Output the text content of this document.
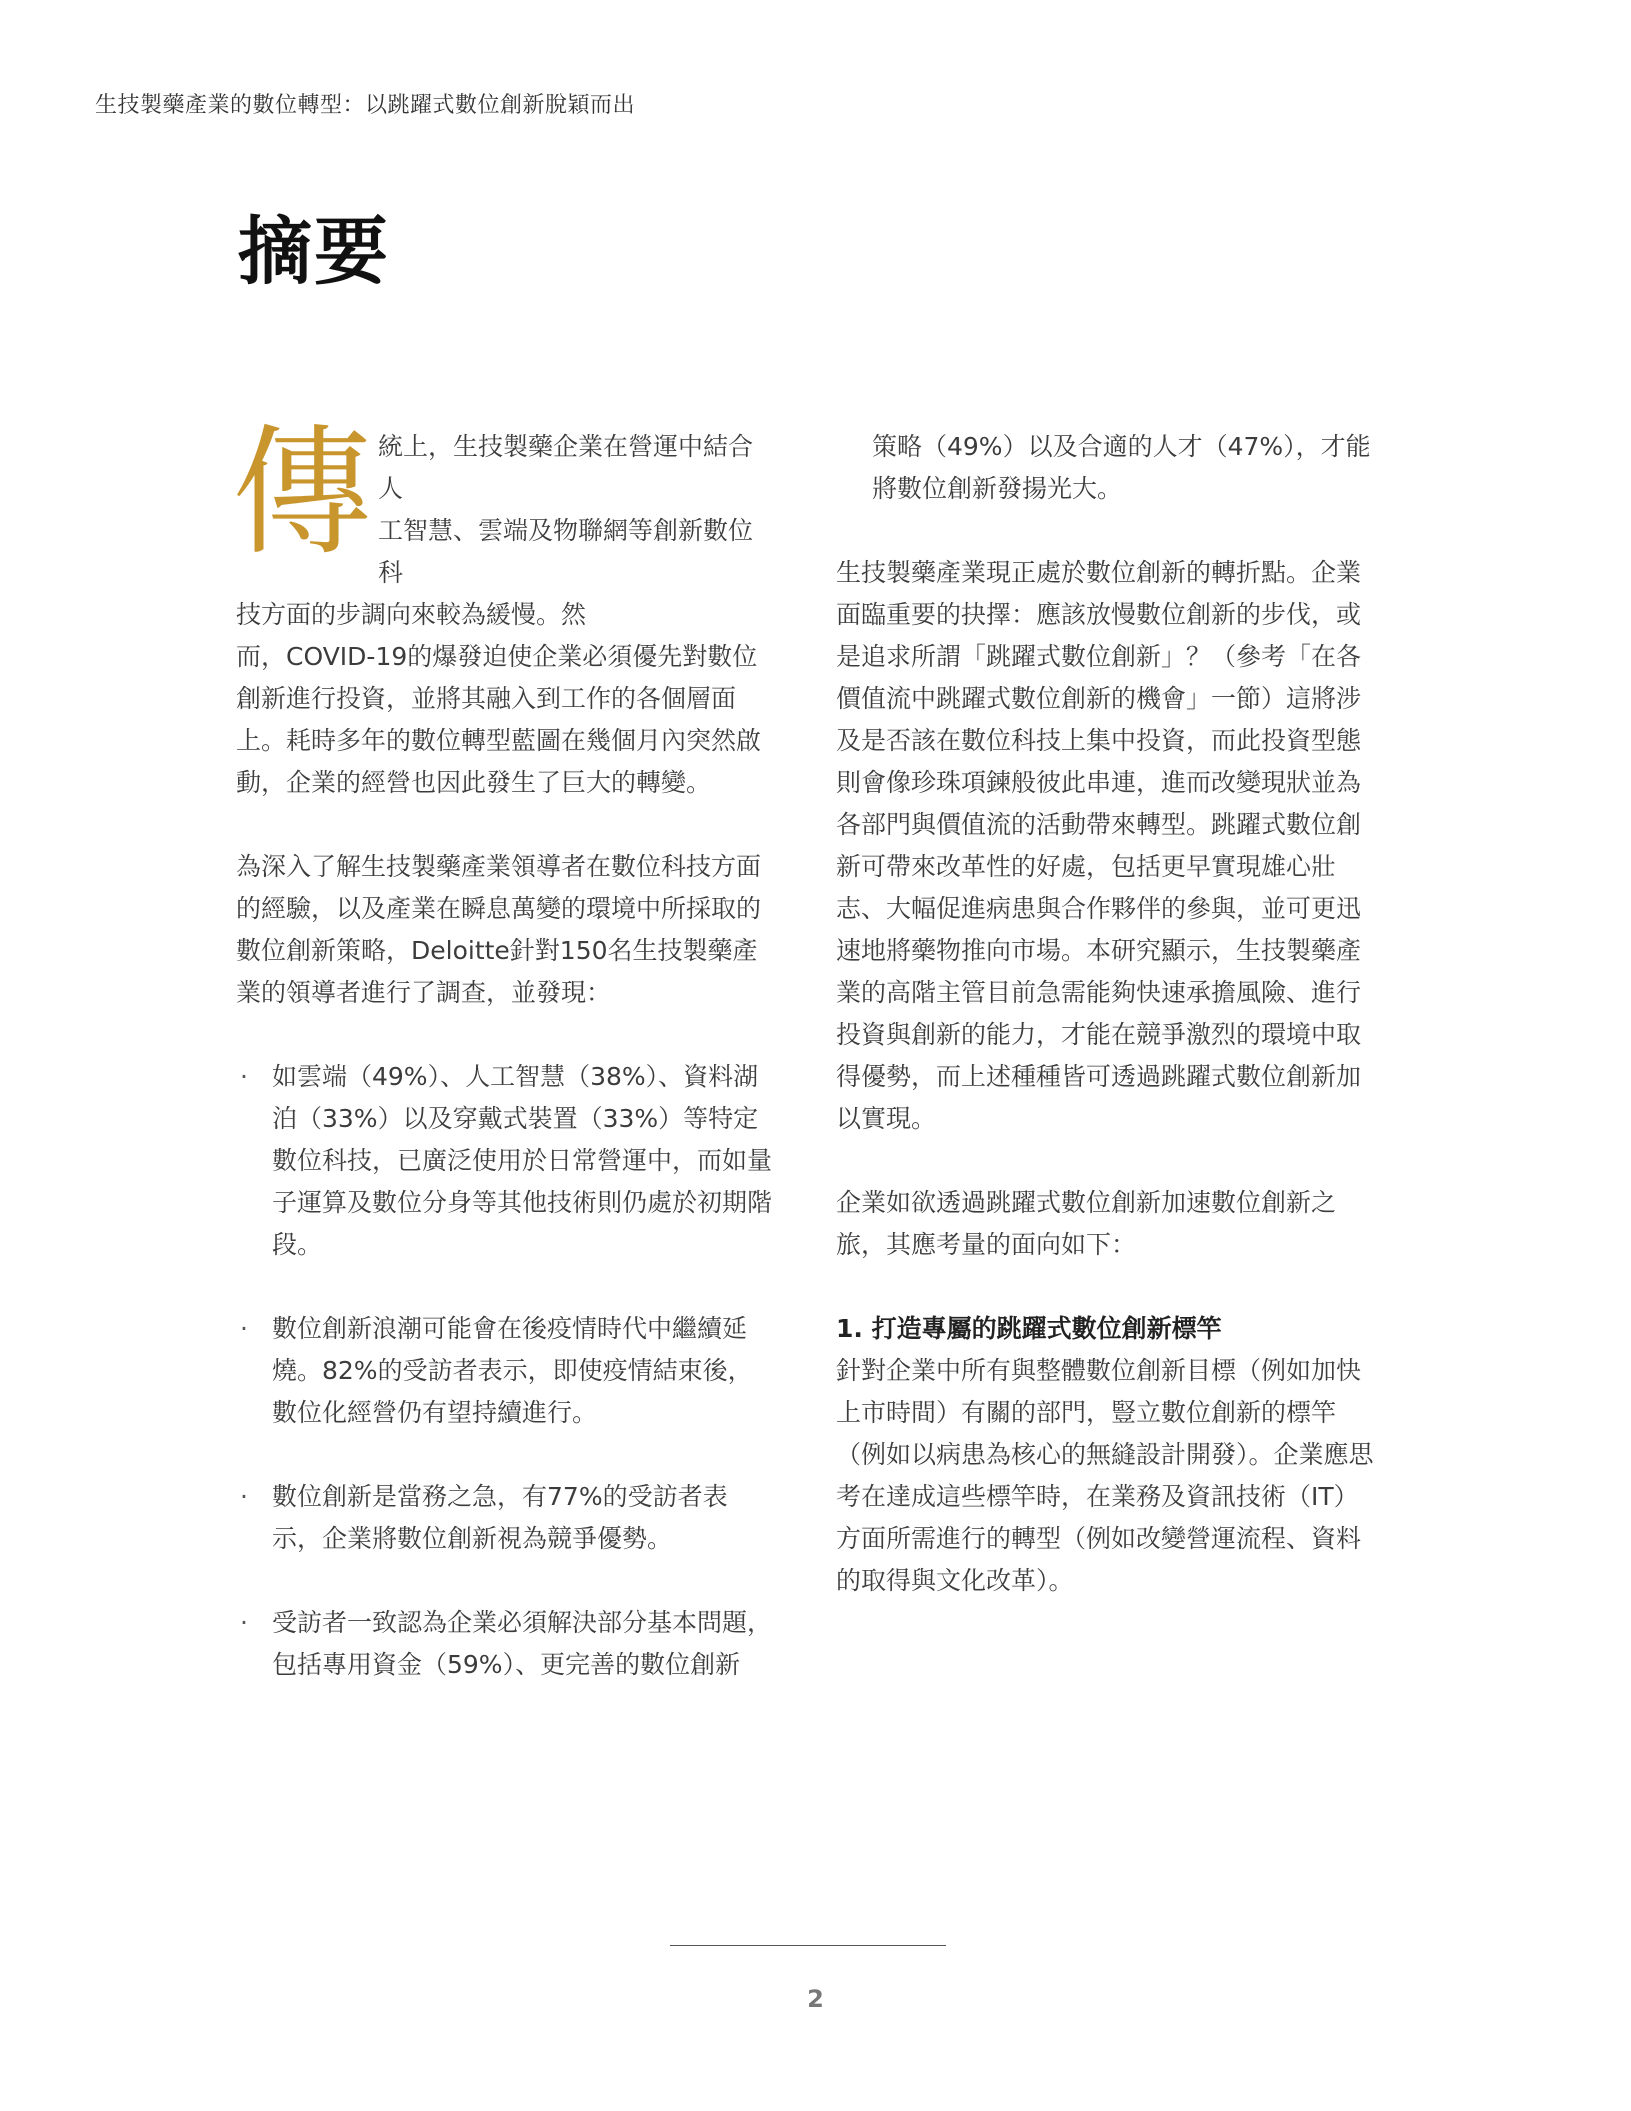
生技製藥產業的數位轉型：以跳躍式數位創新脫穎而出
摘要
傳 統上，生技製藥企業在營運中結合人
工智慧、雲端及物聯網等創新數位科
技方面的步調向來較為緩慢。然
而，COVID-19的爆發迫使企業必須優先對數位創新進行投資，並將其融入到工作的各個層面上。耗時多年的數位轉型藍圖在幾個月內突然啟動，企業的經營也因此發生了巨大的轉變。

為深入了解生技製藥產業領導者在數位科技方面的經驗，以及產業在瞬息萬變的環境中所採取的數位創新策略，Deloitte針對150名生技製藥產業的領導者進行了調查，並發現：

· 如雲端（49%）、人工智慧（38%）、資料湖泊（33%）以及穿戴式裝置（33%）等特定數位科技，已廣泛使用於日常營運中，而如量子運算及數位分身等其他技術則仍處於初期階段。
· 數位創新浪潮可能會在後疫情時代中繼續延燒。82%的受訪者表示，即使疫情結束後，數位化經營仍有望持續進行。
· 數位創新是當務之急，有77%的受訪者表示，企業將數位創新視為競爭優勢。
· 受訪者一致認為企業必須解決部分基本問題，包括專用資金（59%）、更完善的數位創新

策略（49%）以及合適的人才（47%），才能將數位創新發揚光大。

生技製藥產業現正處於數位創新的轉折點。企業面臨重要的抉擇：應該放慢數位創新的步伐，或是追求所謂「跳躍式數位創新」？（參考「在各價值流中跳躍式數位創新的機會」一節）這將涉及是否該在數位科技上集中投資，而此投資型態則會像珍珠項鍊般彼此串連，進而改變現狀並為各部門與價值流的活動帶來轉型。跳躍式數位創新可帶來改革性的好處，包括更早實現雄心壯志、大幅促進病患與合作夥伴的參與，並可更迅速地將藥物推向市場。本研究顯示，生技製藥產業的高階主管目前急需能夠快速承擔風險、進行投資與創新的能力，才能在競爭激烈的環境中取得優勢，而上述種種皆可透過跳躍式數位創新加以實現。

企業如欲透過跳躍式數位創新加速數位創新之旅，其應考量的面向如下：

1. 打造專屬的跳躍式數位創新標竿

針對企業中所有與整體數位創新目標（例如加快上市時間）有關的部門，豎立數位創新的標竿（例如以病患為核心的無縫設計開發）。企業應思考在達成這些標竿時，在業務及資訊技術（IT）方面所需進行的轉型（例如改變營運流程、資料的取得與文化改革）。

2
